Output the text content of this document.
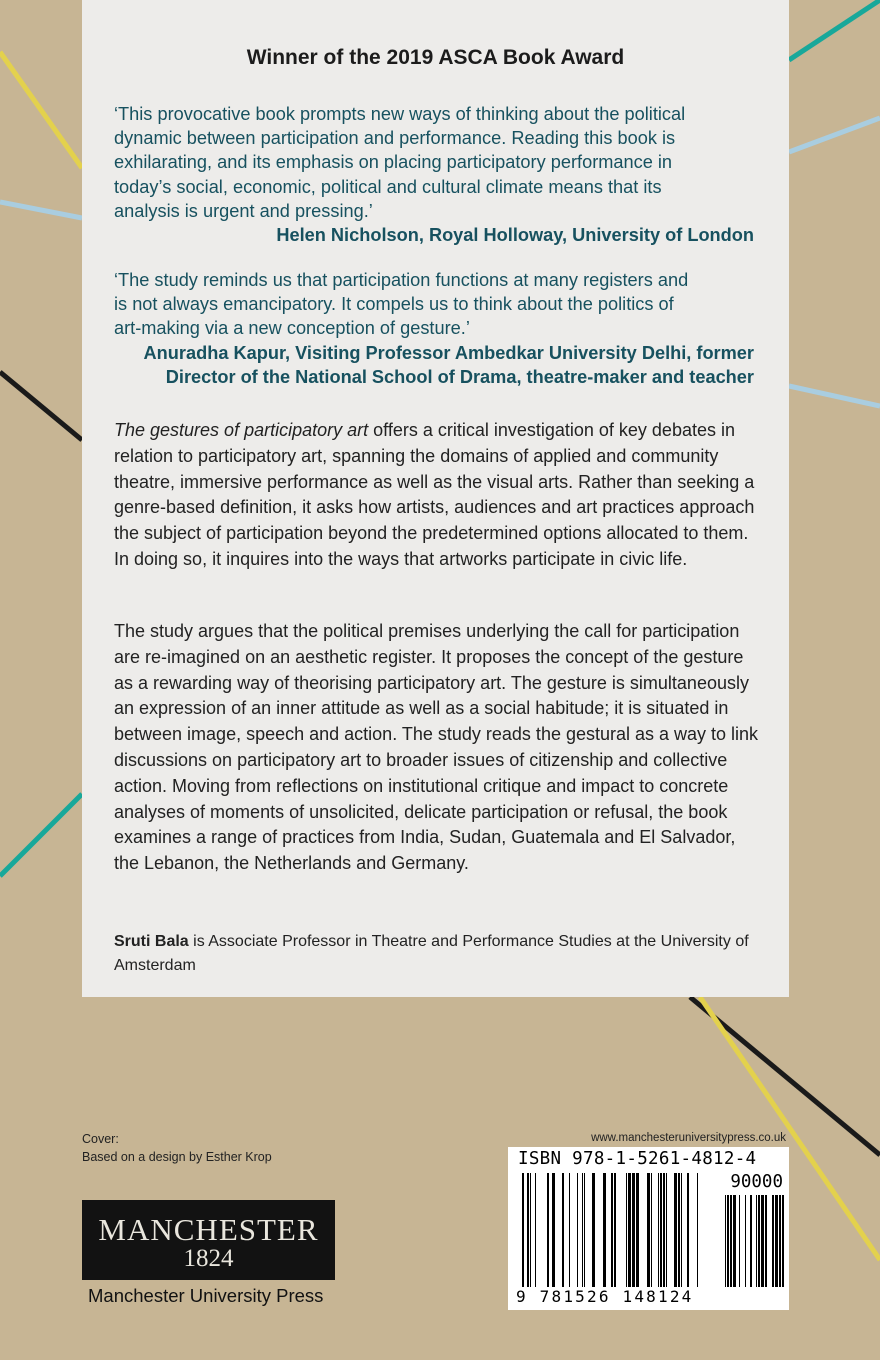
Winner of the 2019 ASCA Book Award

‘This provocative book prompts new ways of thinking about the political

dynamic between participation and performance. Reading this book is

exhilarating, and its emphasis on placing participatory performance in

today’s social, economic, political and cultural climate means that its

analysis is urgent and pressing.’

Helen Nicholson, Royal Holloway, University of London

‘The study reminds us that participation functions at many registers and

is not always emancipatory. It compels us to think about the politics of

art-making via a new conception of gesture.’

Anuradha Kapur, Visiting Professor Ambedkar University Delhi, former

Director of the National School of Drama, theatre-maker and teacher

The gestures of participatory art offers a critical investigation of key debates in relation to participatory art, spanning the domains of applied and community theatre, immersive performance as well as the visual arts. Rather than seeking a genre-based definition, it asks how artists, audiences and art practices approach the subject of participation beyond the predetermined options allocated to them. In doing so, it inquires into the ways that artworks participate in civic life.

The study argues that the political premises underlying the call for participation are re-imagined on an aesthetic register. It proposes the concept of the gesture as a rewarding way of theorising participatory art. The gesture is simultaneously an expression of an inner attitude as well as a social habitude; it is situated in between image, speech and action. The study reads the gestural as a way to link discussions on participatory art to broader issues of citizenship and collective action. Moving from reflections on institutional critique and impact to concrete analyses of moments of unsolicited, delicate participation or refusal, the book examines a range of practices from India, Sudan, Guatemala and El Salvador, the Lebanon, the Netherlands and Germany.

Sruti Bala is Associate Professor in Theatre and Performance Studies at the University of Amsterdam

Cover:
Based on a design by Esther Krop
MANCHESTER
1824
Manchester University Press
www.manchesteruniversitypress.co.uk
ISBN 978-1-5261-4812-4
90000
9 781526 148124
